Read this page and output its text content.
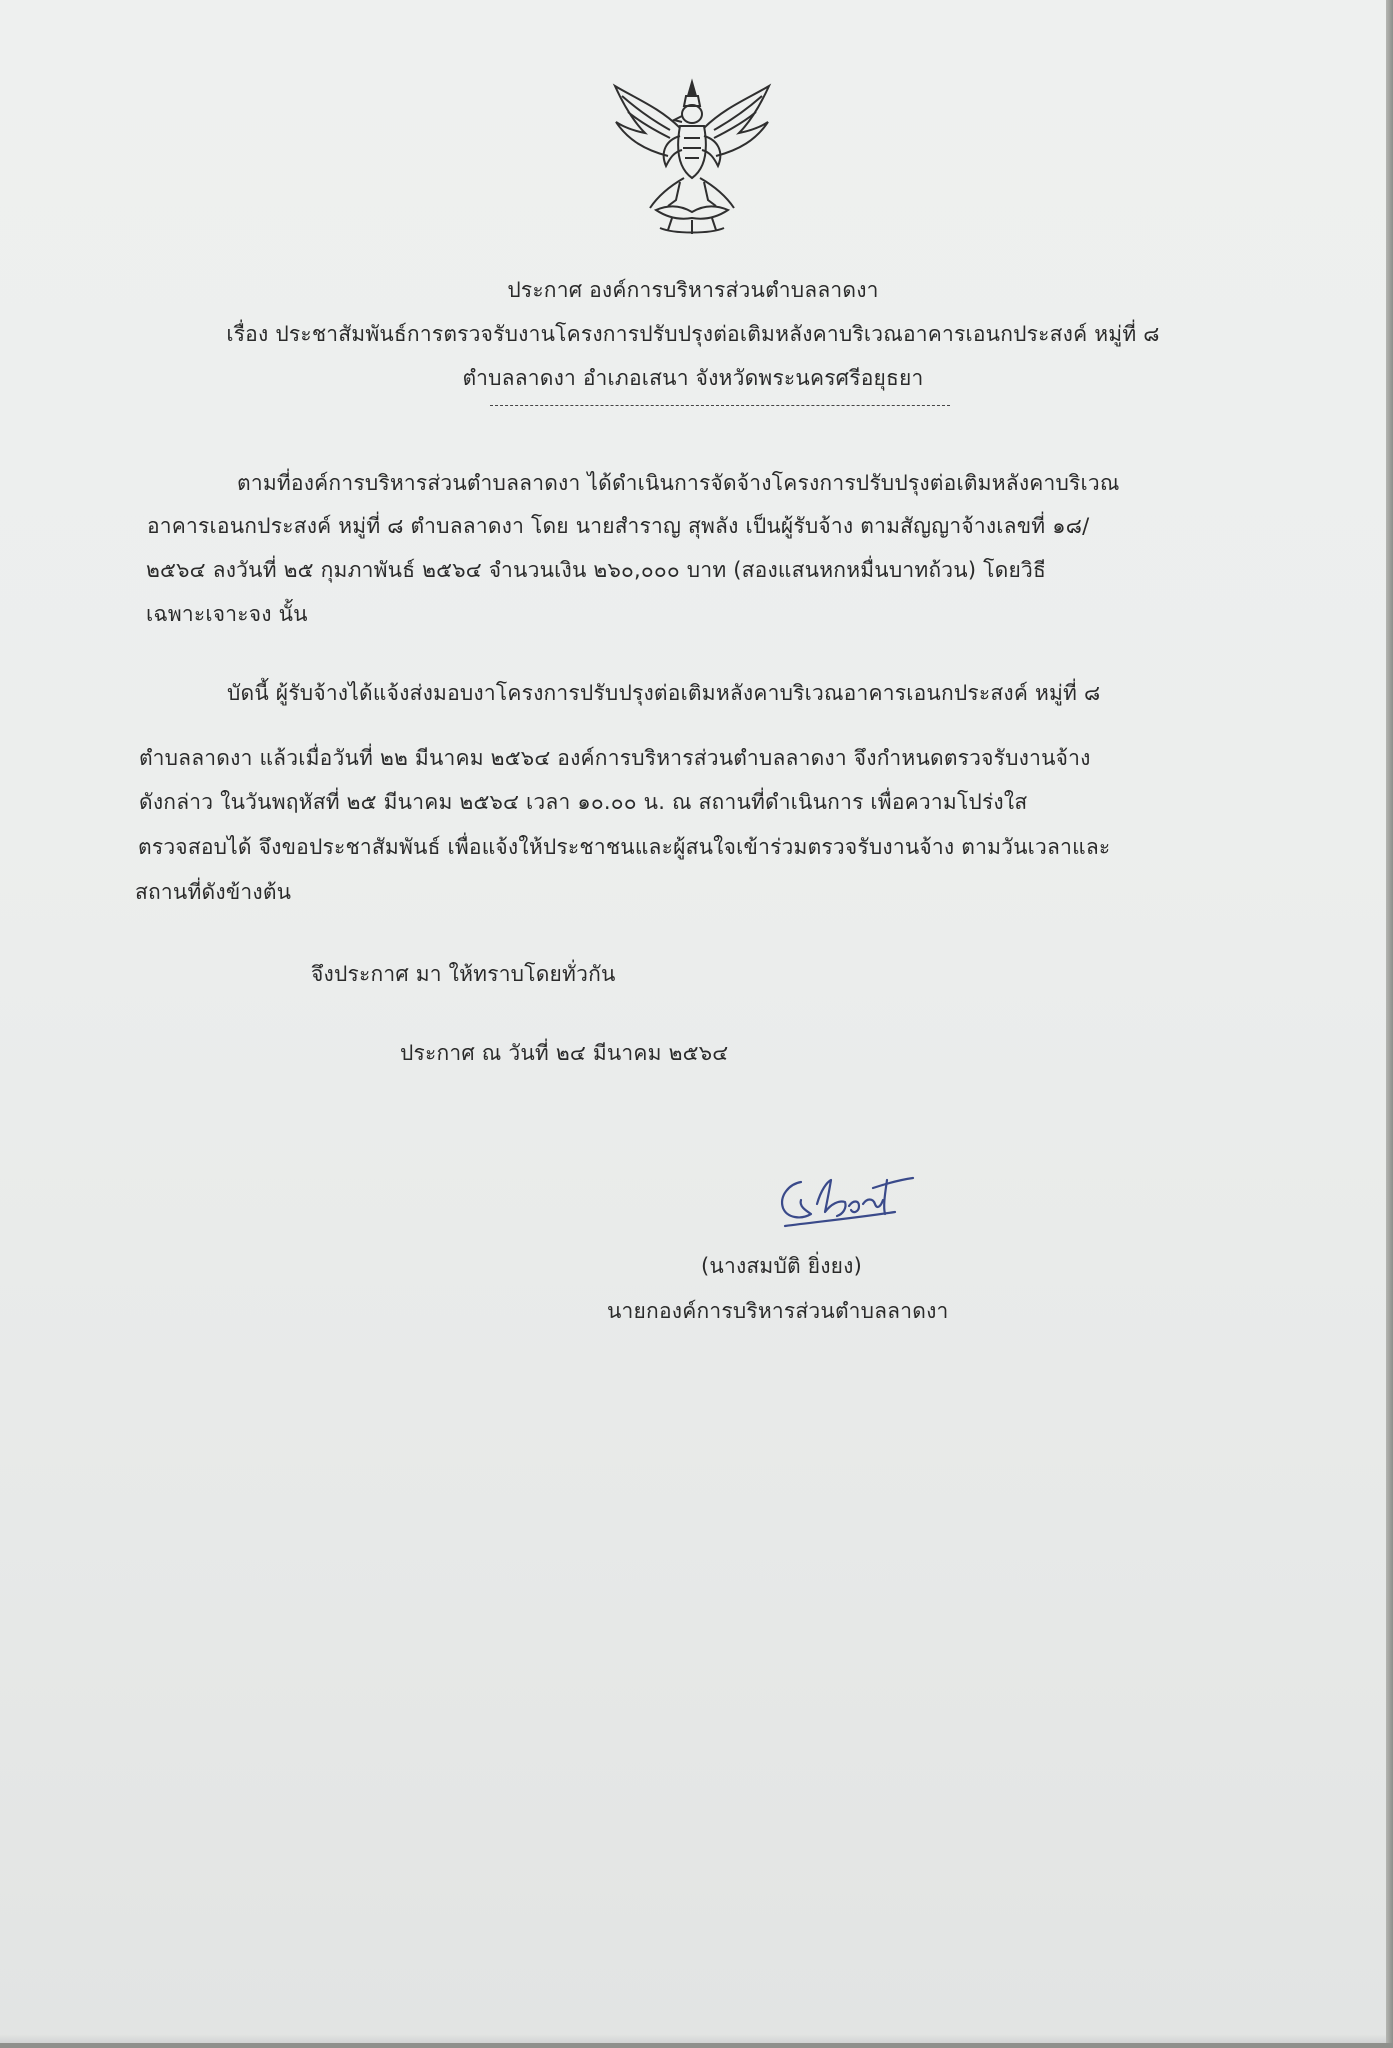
ประกาศ องค์การบริหารส่วนตำบลลาดงา
เรื่อง ประชาสัมพันธ์การตรวจรับงานโครงการปรับปรุงต่อเติมหลังคาบริเวณอาคารเอนกประสงค์ หมู่ที่ ๘
ตำบลลาดงา อำเภอเสนา จังหวัดพระนครศรีอยุธยา
ตามที่องค์การบริหารส่วนตำบลลาดงา ได้ดำเนินการจัดจ้างโครงการปรับปรุงต่อเติมหลังคาบริเวณ
อาคารเอนกประสงค์ หมู่ที่ ๘ ตำบลลาดงา โดย นายสำราญ สุพลัง เป็นผู้รับจ้าง ตามสัญญาจ้างเลขที่ ๑๘/
๒๕๖๔ ลงวันที่ ๒๕ กุมภาพันธ์ ๒๕๖๔ จำนวนเงิน ๒๖๐,๐๐๐ บาท (สองแสนหกหมื่นบาทถ้วน) โดยวิธี
เฉพาะเจาะจง นั้น
บัดนี้ ผู้รับจ้างได้แจ้งส่งมอบงาโครงการปรับปรุงต่อเติมหลังคาบริเวณอาคารเอนกประสงค์ หมู่ที่ ๘
ตำบลลาดงา แล้วเมื่อวันที่ ๒๒ มีนาคม ๒๕๖๔ องค์การบริหารส่วนตำบลลาดงา จึงกำหนดตรวจรับงานจ้าง
ดังกล่าว ในวันพฤหัสที่ ๒๕ มีนาคม ๒๕๖๔ เวลา ๑๐.๐๐ น. ณ สถานที่ดำเนินการ เพื่อความโปร่งใส
ตรวจสอบได้ จึงขอประชาสัมพันธ์ เพื่อแจ้งให้ประชาชนและผู้สนใจเข้าร่วมตรวจรับงานจ้าง ตามวันเวลาและ
สถานที่ดังข้างต้น
จึงประกาศ มา ให้ทราบโดยทั่วกัน
ประกาศ ณ วันที่ ๒๔ มีนาคม ๒๕๖๔
(นางสมบัติ ยิ่งยง)
นายกองค์การบริหารส่วนตำบลลาดงา
